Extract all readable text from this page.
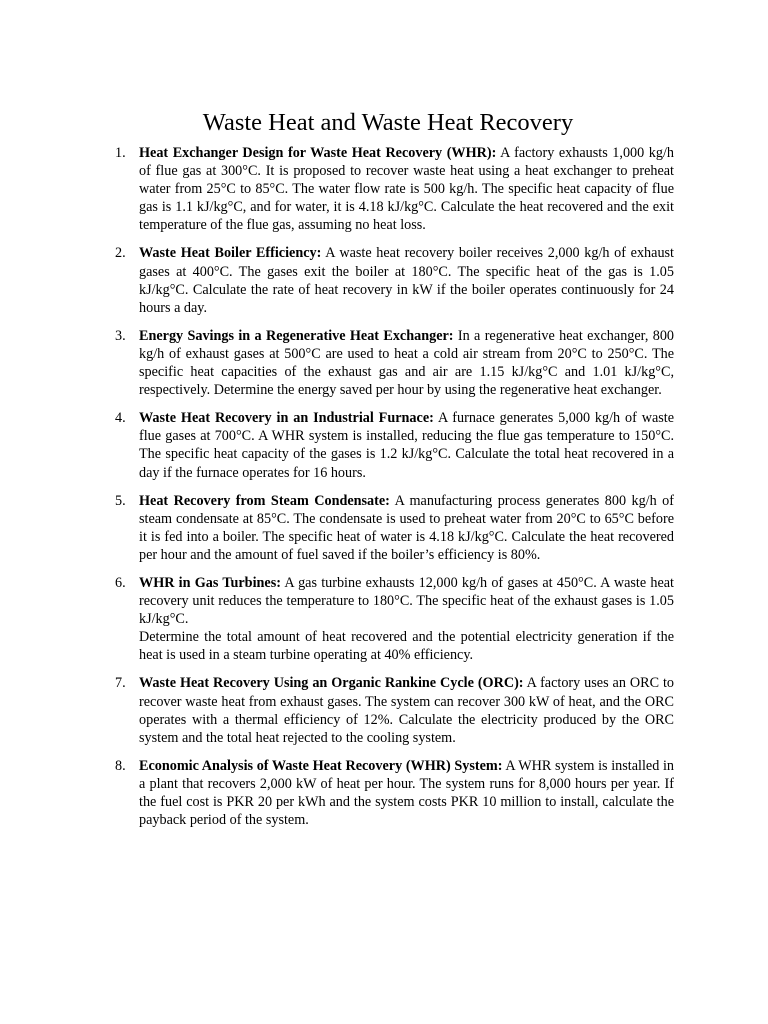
Waste Heat and Waste Heat Recovery
1. Heat Exchanger Design for Waste Heat Recovery (WHR): A factory exhausts 1,000 kg/h of flue gas at 300°C. It is proposed to recover waste heat using a heat exchanger to preheat water from 25°C to 85°C. The water flow rate is 500 kg/h. The specific heat capacity of flue gas is 1.1 kJ/kg°C, and for water, it is 4.18 kJ/kg°C. Calculate the heat recovered and the exit temperature of the flue gas, assuming no heat loss.
2. Waste Heat Boiler Efficiency: A waste heat recovery boiler receives 2,000 kg/h of exhaust gases at 400°C. The gases exit the boiler at 180°C. The specific heat of the gas is 1.05 kJ/kg°C. Calculate the rate of heat recovery in kW if the boiler operates continuously for 24 hours a day.
3. Energy Savings in a Regenerative Heat Exchanger: In a regenerative heat exchanger, 800 kg/h of exhaust gases at 500°C are used to heat a cold air stream from 20°C to 250°C. The specific heat capacities of the exhaust gas and air are 1.15 kJ/kg°C and 1.01 kJ/kg°C, respectively. Determine the energy saved per hour by using the regenerative heat exchanger.
4. Waste Heat Recovery in an Industrial Furnace: A furnace generates 5,000 kg/h of waste flue gases at 700°C. A WHR system is installed, reducing the flue gas temperature to 150°C. The specific heat capacity of the gases is 1.2 kJ/kg°C. Calculate the total heat recovered in a day if the furnace operates for 16 hours.
5. Heat Recovery from Steam Condensate: A manufacturing process generates 800 kg/h of steam condensate at 85°C. The condensate is used to preheat water from 20°C to 65°C before it is fed into a boiler. The specific heat of water is 4.18 kJ/kg°C. Calculate the heat recovered per hour and the amount of fuel saved if the boiler’s efficiency is 80%.
6. WHR in Gas Turbines: A gas turbine exhausts 12,000 kg/h of gases at 450°C. A waste heat recovery unit reduces the temperature to 180°C. The specific heat of the exhaust gases is 1.05 kJ/kg°C.
Determine the total amount of heat recovered and the potential electricity generation if the heat is used in a steam turbine operating at 40% efficiency.
7. Waste Heat Recovery Using an Organic Rankine Cycle (ORC): A factory uses an ORC to recover waste heat from exhaust gases. The system can recover 300 kW of heat, and the ORC operates with a thermal efficiency of 12%. Calculate the electricity produced by the ORC system and the total heat rejected to the cooling system.
8. Economic Analysis of Waste Heat Recovery (WHR) System: A WHR system is installed in a plant that recovers 2,000 kW of heat per hour. The system runs for 8,000 hours per year. If the fuel cost is PKR 20 per kWh and the system costs PKR 10 million to install, calculate the payback period of the system.
